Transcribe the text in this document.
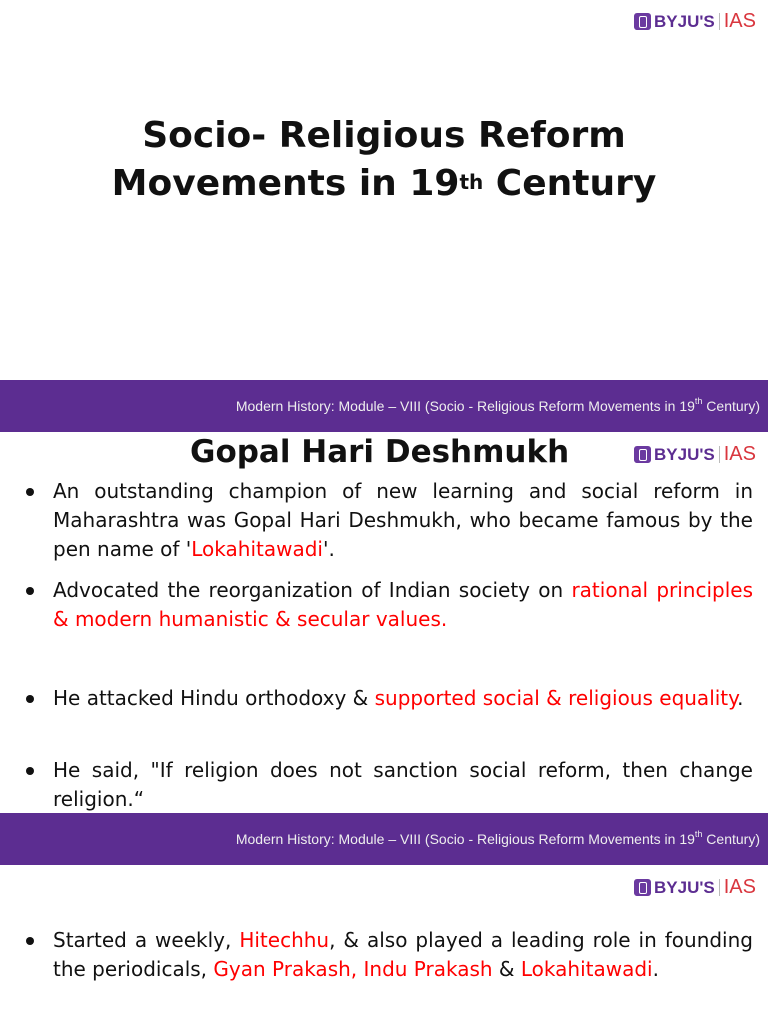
BYJU'S IAS
Socio- Religious Reform
Movements in 19th Century
Modern History: Module – VIII (Socio - Religious Reform Movements in 19th Century)
Gopal Hari Deshmukh	BYJU'S IAS
An outstanding champion of new learning and social reform in Maharashtra was Gopal Hari Deshmukh, who became famous by the pen name of 'Lokahitawadi'.
Advocated the reorganization of Indian society on rational principles & modern humanistic & secular values.
He attacked Hindu orthodoxy & supported social & religious equality.
He said, "If religion does not sanction social reform, then change religion.“
Modern History: Module – VIII (Socio - Religious Reform Movements in 19th Century)
BYJU'S IAS
Started a weekly, Hitechhu, & also played a leading role in founding the periodicals, Gyan Prakash, Indu Prakash & Lokahitawadi.
